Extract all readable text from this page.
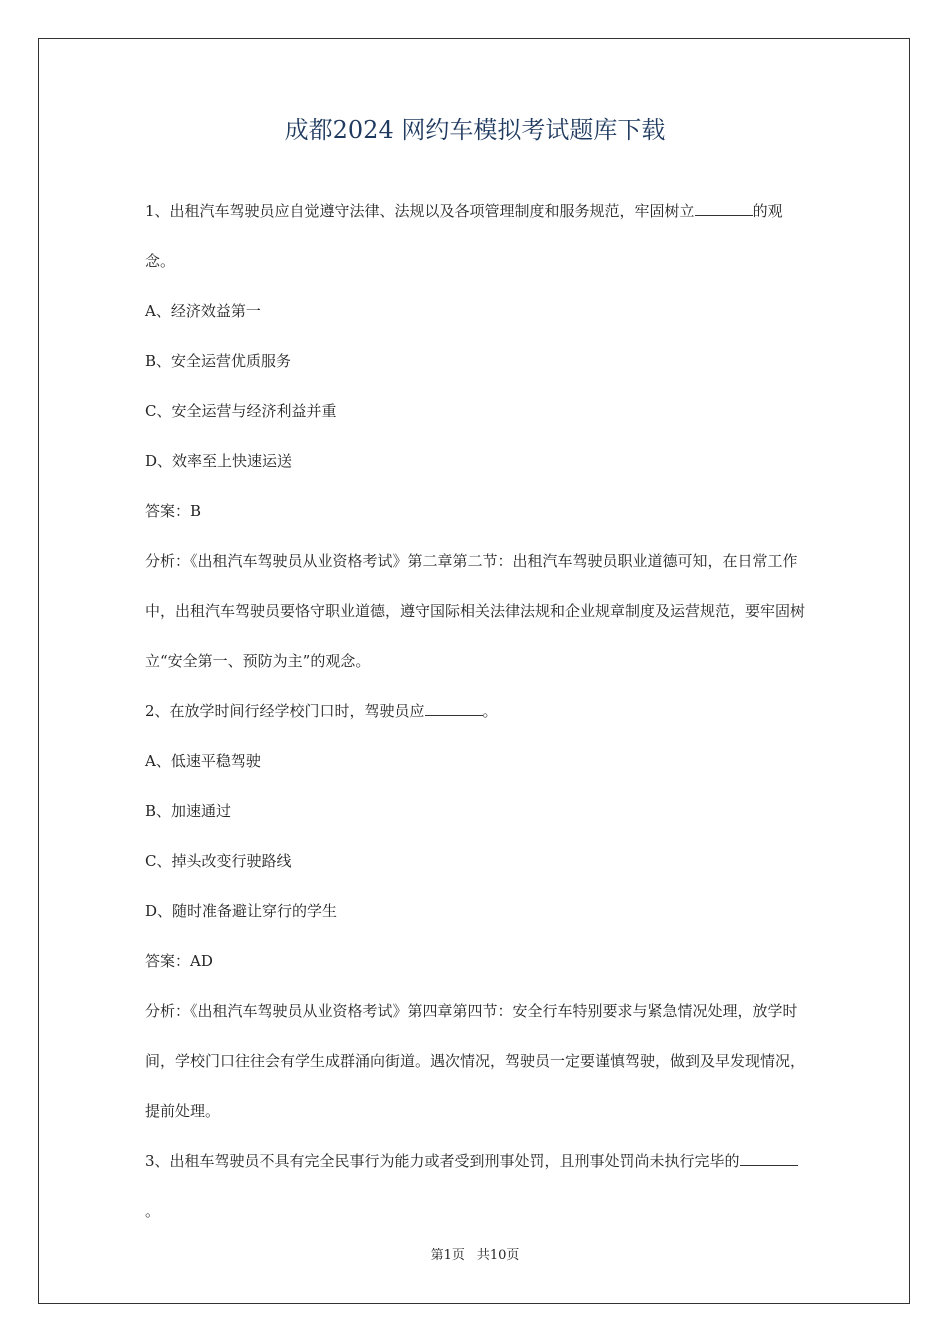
成都2024 网约车模拟考试题库下载

1、出租汽车驾驶员应自觉遵守法律、法规以及各项管理制度和服务规范，牢固树立	的观念。

A、经济效益第一

B、安全运营优质服务

C、安全运营与经济利益并重

D、效率至上快速运送

答案：B

分析：《出租汽车驾驶员从业资格考试》第二章第二节：出租汽车驾驶员职业道德可知，在日常工作中，出租汽车驾驶员要恪守职业道德，遵守国际相关法律法规和企业规章制度及运营规范，要牢固树立“安全第一、预防为主”的观念。

2、在放学时间行经学校门口时，驾驶员应	。

A、低速平稳驾驶

B、加速通过

C、掉头改变行驶路线

D、随时准备避让穿行的学生

答案：AD

分析：《出租汽车驾驶员从业资格考试》第四章第四节：安全行车特别要求与紧急情况处理，放学时间，学校门口往往会有学生成群涌向街道。遇次情况，驾驶员一定要谨慎驾驶，做到及早发现情况，提前处理。

3、出租车驾驶员不具有完全民事行为能力或者受到刑事处罚，且刑事处罚尚未执行完毕的。

第1页 共10页
